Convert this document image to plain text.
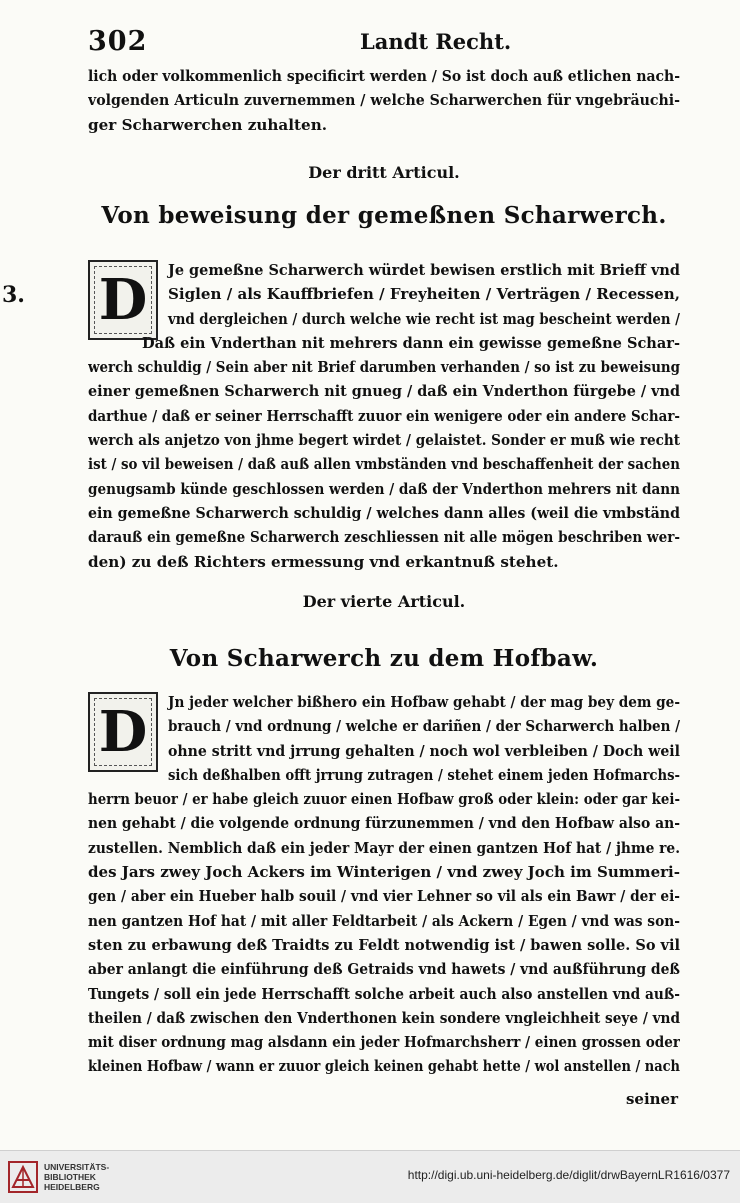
3.
302	Landt Recht.
lich oder volkommenlich specificirt werden / So ist doch auß etlichen nach-
volgenden Articuln zuvernemmen / welche Scharwerchen für vngebräuchi-
ger Scharwerchen zuhalten.
Der dritt Articul.
Von beweisung der gemeßnen Scharwerch.
D	Je gemeßne Scharwerch würdet bewisen erstlich mit Brieff vnd
Siglen / als Kauffbriefen / Freyheiten / Verträgen / Recessen,
vnd dergleichen / durch welche wie recht ist mag bescheint werden /
Daß ein Vnderthan nit mehrers dann ein gewisse gemeßne Schar-
werch schuldig / Sein aber nit Brief darumben verhanden / so ist zu beweisung
einer gemeßnen Scharwerch nit gnueg / daß ein Vnderthon fürgebe / vnd
darthue / daß er seiner Herrschafft zuuor ein wenigere oder ein andere Schar-
werch als anjetzo von jhme begert wirdet / gelaistet. Sonder er muß wie recht
ist / so vil beweisen / daß auß allen vmbständen vnd beschaffenheit der sachen
genugsamb künde geschlossen werden / daß der Vnderthon mehrers nit dann
ein gemeßne Scharwerch schuldig / welches dann alles (weil die vmbständ
darauß ein gemeßne Scharwerch zeschliessen nit alle mögen beschriben wer-
den) zu deß Richters ermessung vnd erkantnuß stehet.
Der vierte Articul.
Von Scharwerch zu dem Hofbaw.
D	Jn jeder welcher bißhero ein Hofbaw gehabt / der mag bey dem ge-
brauch / vnd ordnung / welche er dariñen / der Scharwerch halben /
ohne stritt vnd jrrung gehalten / noch wol verbleiben / Doch weil
sich deßhalben offt jrrung zutragen / stehet einem jeden Hofmarchs-
herrn beuor / er habe gleich zuuor einen Hofbaw groß oder klein: oder gar kei-
nen gehabt / die volgende ordnung fürzunemmen / vnd den Hofbaw also an-
zustellen. Nemblich daß ein jeder Mayr der einen gantzen Hof hat / jhme re.
des Jars zwey Joch Ackers im Winterigen / vnd zwey Joch im Summeri-
gen / aber ein Hueber halb souil / vnd vier Lehner so vil als ein Bawr / der ei-
nen gantzen Hof hat / mit aller Feldtarbeit / als Ackern / Egen / vnd was son-
sten zu erbawung deß Traidts zu Feldt notwendig ist / bawen solle. So vil
aber anlangt die einführung deß Getraids vnd hawets / vnd außführung deß
Tungets / soll ein jede Herrschafft solche arbeit auch also anstellen vnd auß-
theilen / daß zwischen den Vnderthonen kein sondere vngleichheit seye / vnd
mit diser ordnung mag alsdann ein jeder Hofmarchsherr / einen grossen oder
kleinen Hofbaw / wann er zuuor gleich keinen gehabt hette / wol anstellen / nach
seiner
UNIVERSITÄTS-
BIBLIOTHEK
HEIDELBERG
http://digi.ub.uni-heidelberg.de/diglit/drwBayernLR1616/0377
